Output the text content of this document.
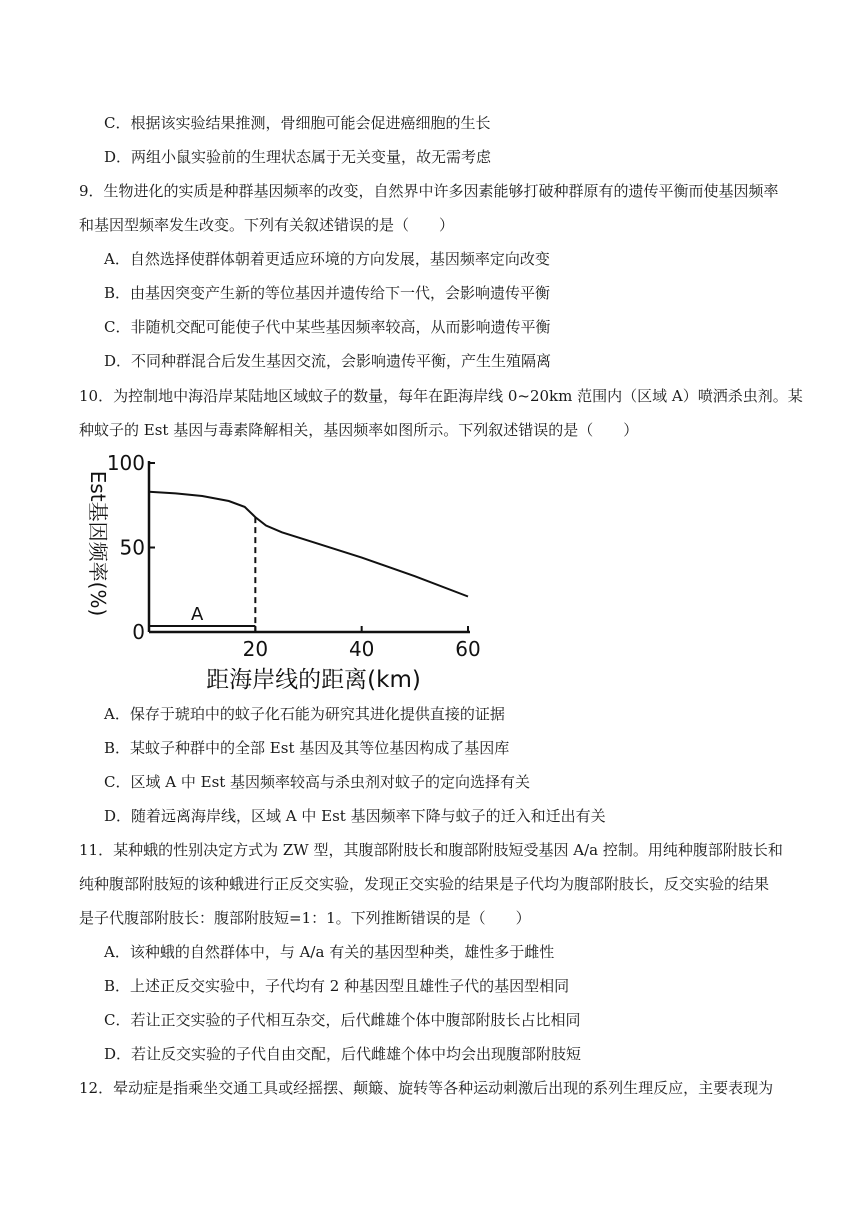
C．根据该实验结果推测，骨细胞可能会促进癌细胞的生长
D．两组小鼠实验前的生理状态属于无关变量，故无需考虑
9．生物进化的实质是种群基因频率的改变，自然界中许多因素能够打破种群原有的遗传平衡而使基因频率
和基因型频率发生改变。下列有关叙述错误的是（　　）
A．自然选择使群体朝着更适应环境的方向发展，基因频率定向改变
B．由基因突变产生新的等位基因并遗传给下一代，会影响遗传平衡
C．非随机交配可能使子代中某些基因频率较高，从而影响遗传平衡
D．不同种群混合后发生基因交流，会影响遗传平衡，产生生殖隔离
10．为控制地中海沿岸某陆地区域蚊子的数量，每年在距海岸线 0~20km 范围内（区域 A）喷洒杀虫剂。某
种蚊子的 Est 基因与毒素降解相关，基因频率如图所示。下列叙述错误的是（　　）
100
50
0
20	40	60
A
距海岸线的距离(km)
Est基因频率(%)
A．保存于琥珀中的蚊子化石能为研究其进化提供直接的证据
B．某蚊子种群中的全部 Est 基因及其等位基因构成了基因库
C．区域 A 中 Est 基因频率较高与杀虫剂对蚊子的定向选择有关
D．随着远离海岸线，区域 A 中 Est 基因频率下降与蚊子的迁入和迁出有关
11．某种蛾的性别决定方式为 ZW 型，其腹部附肢长和腹部附肢短受基因 A/a 控制。用纯种腹部附肢长和
纯种腹部附肢短的该种蛾进行正反交实验，发现正交实验的结果是子代均为腹部附肢长，反交实验的结果
是子代腹部附肢长：腹部附肢短=1：1。下列推断错误的是（　　）
A．该种蛾的自然群体中，与 A/a 有关的基因型种类，雄性多于雌性
B．上述正反交实验中，子代均有 2 种基因型且雄性子代的基因型相同
C．若让正交实验的子代相互杂交，后代雌雄个体中腹部附肢长占比相同
D．若让反交实验的子代自由交配，后代雌雄个体中均会出现腹部附肢短
12．晕动症是指乘坐交通工具或经摇摆、颠簸、旋转等各种运动刺激后出现的系列生理反应，主要表现为
